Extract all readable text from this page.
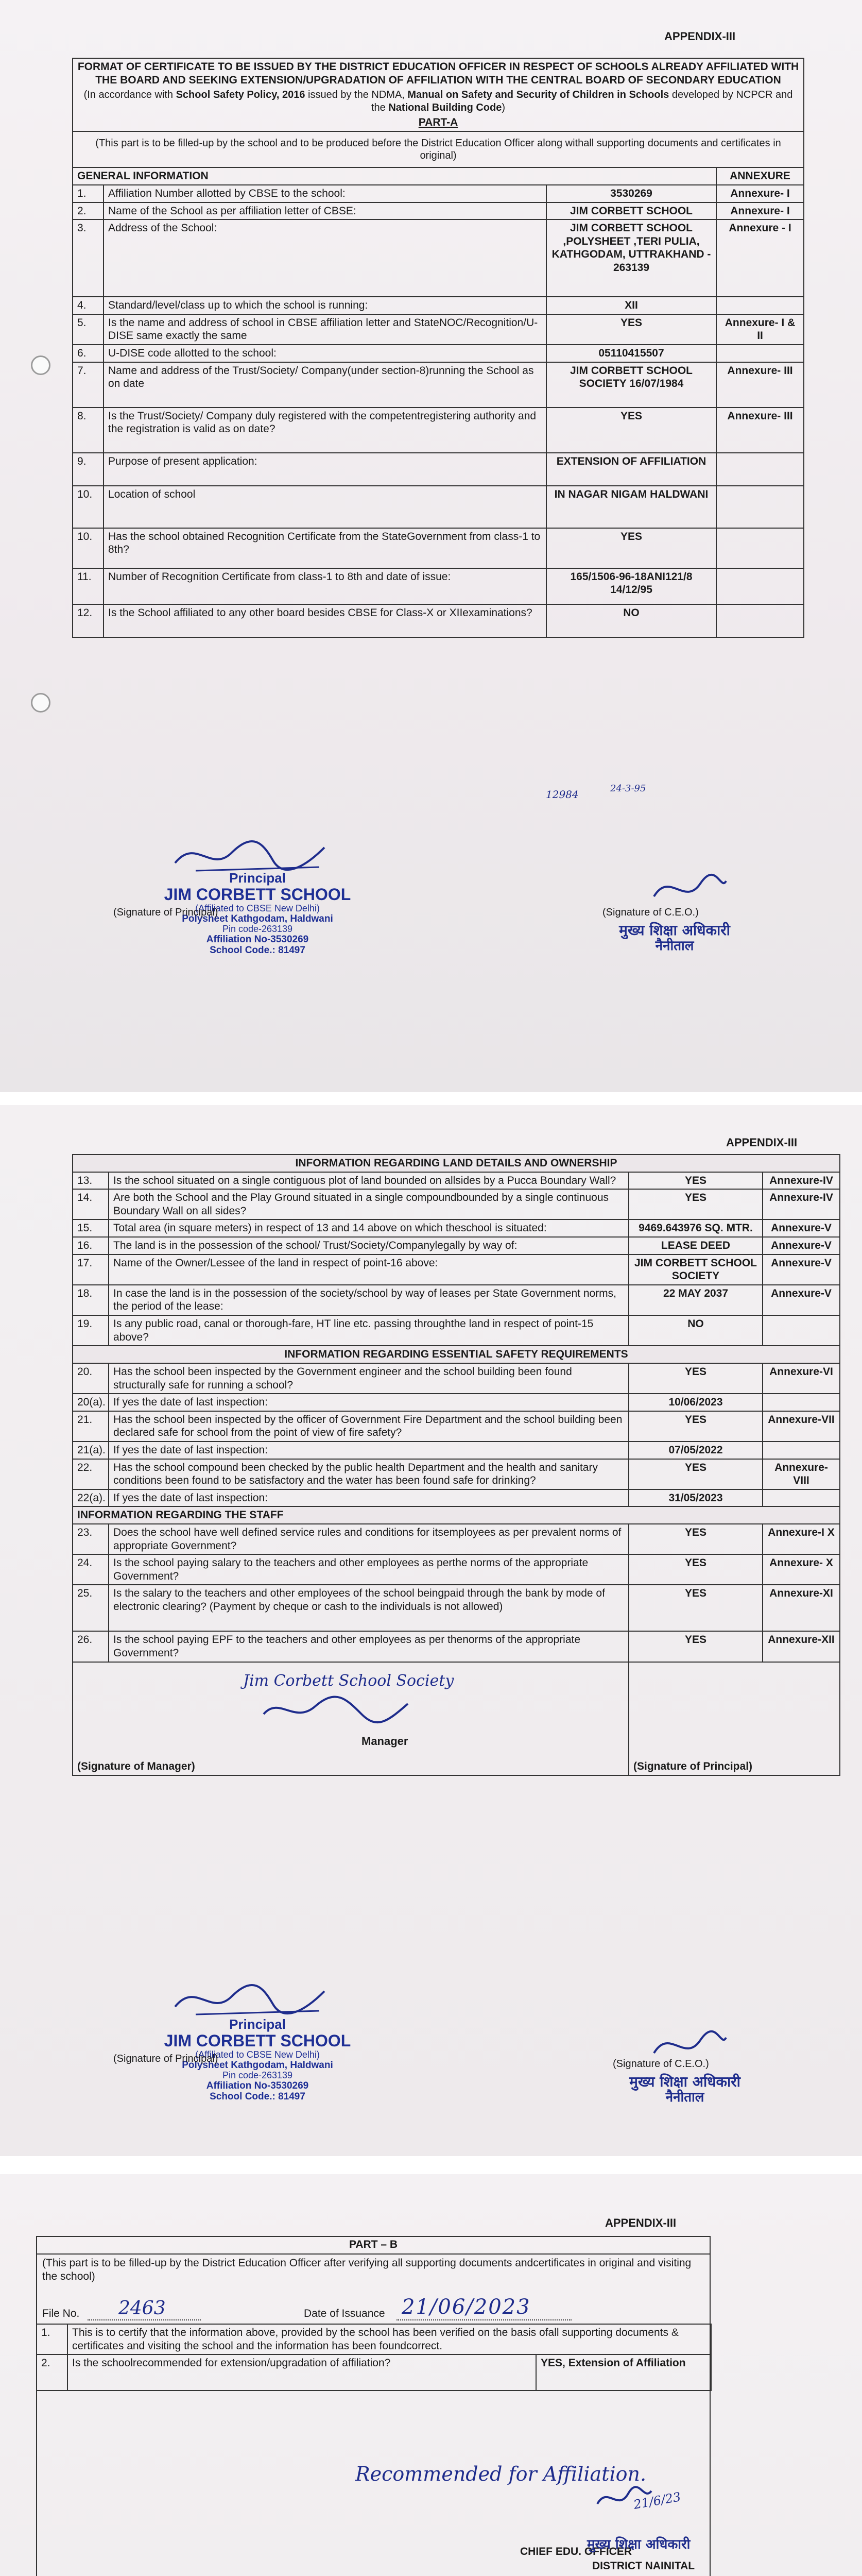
APPENDIX-III
FORMAT OF CERTIFICATE TO BE ISSUED BY THE DISTRICT EDUCATION OFFICER IN RESPECT OF SCHOOLS ALREADY AFFILIATED WITH THE BOARD AND SEEKING EXTENSION/UPGRADATION OF AFFILIATION WITH THE CENTRAL BOARD OF SECONDARY EDUCATION
(In accordance with School Safety Policy, 2016 issued by the NDMA, Manual on Safety and Security of Children in Schools developed by NCPCR and the National Building Code)
PART-A			

(This part is to be filled-up by the school and to be produced before the District Education Officer along withall supporting documents and certificates in original)			
GENERAL INFORMATION			ANNEXURE
1.	Affiliation Number allotted by CBSE to the school:	3530269	Annexure- I
2.	Name of the School as per affiliation letter of CBSE:	JIM CORBETT SCHOOL	Annexure- I
3.	Address of the School:	JIM CORBETT SCHOOL ,POLYSHEET ,TERI PULIA, KATHGODAM, UTTRAKHAND - 263139	Annexure - I
4.	Standard/level/class up to which the school is running:	XII	
5.	Is the name and address of school in CBSE affiliation letter and StateNOC/Recognition/U-DISE same exactly the same	YES	Annexure- I & II
6.	U-DISE code allotted to the school:	05110415507	
7.	Name and address of the Trust/Society/ Company(under section-8)running the School as on date	JIM CORBETT SCHOOL SOCIETY 16/07/1984	Annexure- III
8.	Is the Trust/Society/ Company duly registered with the competentregistering authority and the registration is valid as on date?	YES	Annexure- III
9.	Purpose of present application:	EXTENSION OF AFFILIATION	
10.	Location of school	IN NAGAR NIGAM HALDWANI	
10.	Has the school obtained Recognition Certificate from the StateGovernment from class-1 to 8th?	YES	
11.	Number of Recognition Certificate from class-1 to 8th and date of issue:	165/1506-96-18ANI121/8 14/12/95	
12.	Is the School affiliated to any other board besides CBSE for Class-X or XIIexaminations?	NO	
12984	24-3-95
Principal
JIM CORBETT SCHOOL
(Affiliated to CBSE New Delhi)
Polysheet Kathgodam, Haldwani
Pin code-263139
Affiliation No-3530269
School Code.: 81497
(Signature of Principal)	(Signature of C.E.O.)
मुख्य शिक्षा अधिकारी
नैनीताल
APPENDIX-III
INFORMATION REGARDING LAND DETAILS AND OWNERSHIP			
13.	Is the school situated on a single contiguous plot of land bounded on allsides by a Pucca Boundary Wall?	YES	Annexure-IV
14.	Are both the School and the Play Ground situated in a single compoundbounded by a single continuous Boundary Wall on all sides?	YES	Annexure-IV
15.	Total area (in square meters) in respect of 13 and 14 above on which theschool is situated:	9469.643976 SQ. MTR.	Annexure-V
16.	The land is in the possession of the school/ Trust/Society/Companylegally by way of:	LEASE DEED	Annexure-V
17.	Name of the Owner/Lessee of the land in respect of point-16 above:	JIM CORBETT SCHOOL SOCIETY	Annexure-V
18.	In case the land is in the possession of the society/school by way of leases per State Government norms, the period of the lease:	22 MAY 2037	Annexure-V
19.	Is any public road, canal or thorough-fare, HT line etc. passing throughthe land in respect of point-15 above?	NO	
INFORMATION REGARDING ESSENTIAL SAFETY REQUIREMENTS			
20.	Has the school been inspected by the Government engineer and the school building been found structurally safe for running a school?	YES	Annexure-VI
20(a).	If yes the date of last inspection:	10/06/2023	
21.	Has the school been inspected by the officer of Government Fire Department and the school building been declared safe for school from the point of view of fire safety?	YES	Annexure-VII
21(a).	If yes the date of last inspection:	07/05/2022	
22.	Has the school compound been checked by the public health Department and the health and sanitary conditions been found to be satisfactory and the water has been found safe for drinking?	YES	Annexure-VIII
22(a).	If yes the date of last inspection:	31/05/2023	
INFORMATION REGARDING THE STAFF			
23.	Does the school have well defined service rules and conditions for itsemployees as per prevalent norms of appropriate Government?	YES	Annexure-I X
24.	Is the school paying salary to the teachers and other employees as perthe norms of the appropriate Government?	YES	Annexure- X
25.	Is the salary to the teachers and other employees of the school beingpaid through the bank by mode of electronic clearing? (Payment by cheque or cash to the individuals is not allowed)	YES	Annexure-XI
26.	Is the school paying EPF to the teachers and other employees as per thenorms of the appropriate Government?	YES	Annexure-XII

Jim Corbett School Society
Manager
(Signature of Manager)		(Signature of Principal)	
Principal
JIM CORBETT SCHOOL
(Affiliated to CBSE New Delhi)
Polysheet Kathgodam, Haldwani
Pin code-263139
Affiliation No-3530269
School Code.: 81497
(Signature of Principal)	(Signature of C.E.O.)
मुख्य शिक्षा अधिकारी
नैनीताल
APPENDIX-III
PART – B
(This part is to be filled-up by the District Education Officer after verifying all supporting documents andcertificates in original and visiting the school)
File No. 2463	Date of Issuance 21/06/2023
1.	This is to certify that the information above, provided by the school has been verified on the basis ofall supporting documents & certificates and visiting the school and the information has been foundcorrect.	
2.	Is the schoolrecommended for extension/upgradation of affiliation?	YES, Extension of Affiliation
Recommended for Affiliation.
21/6/23
CHIEF EDU. OFFICER
मुख्य शिक्षा अधिकारी
DISTRICT NAINITAL
